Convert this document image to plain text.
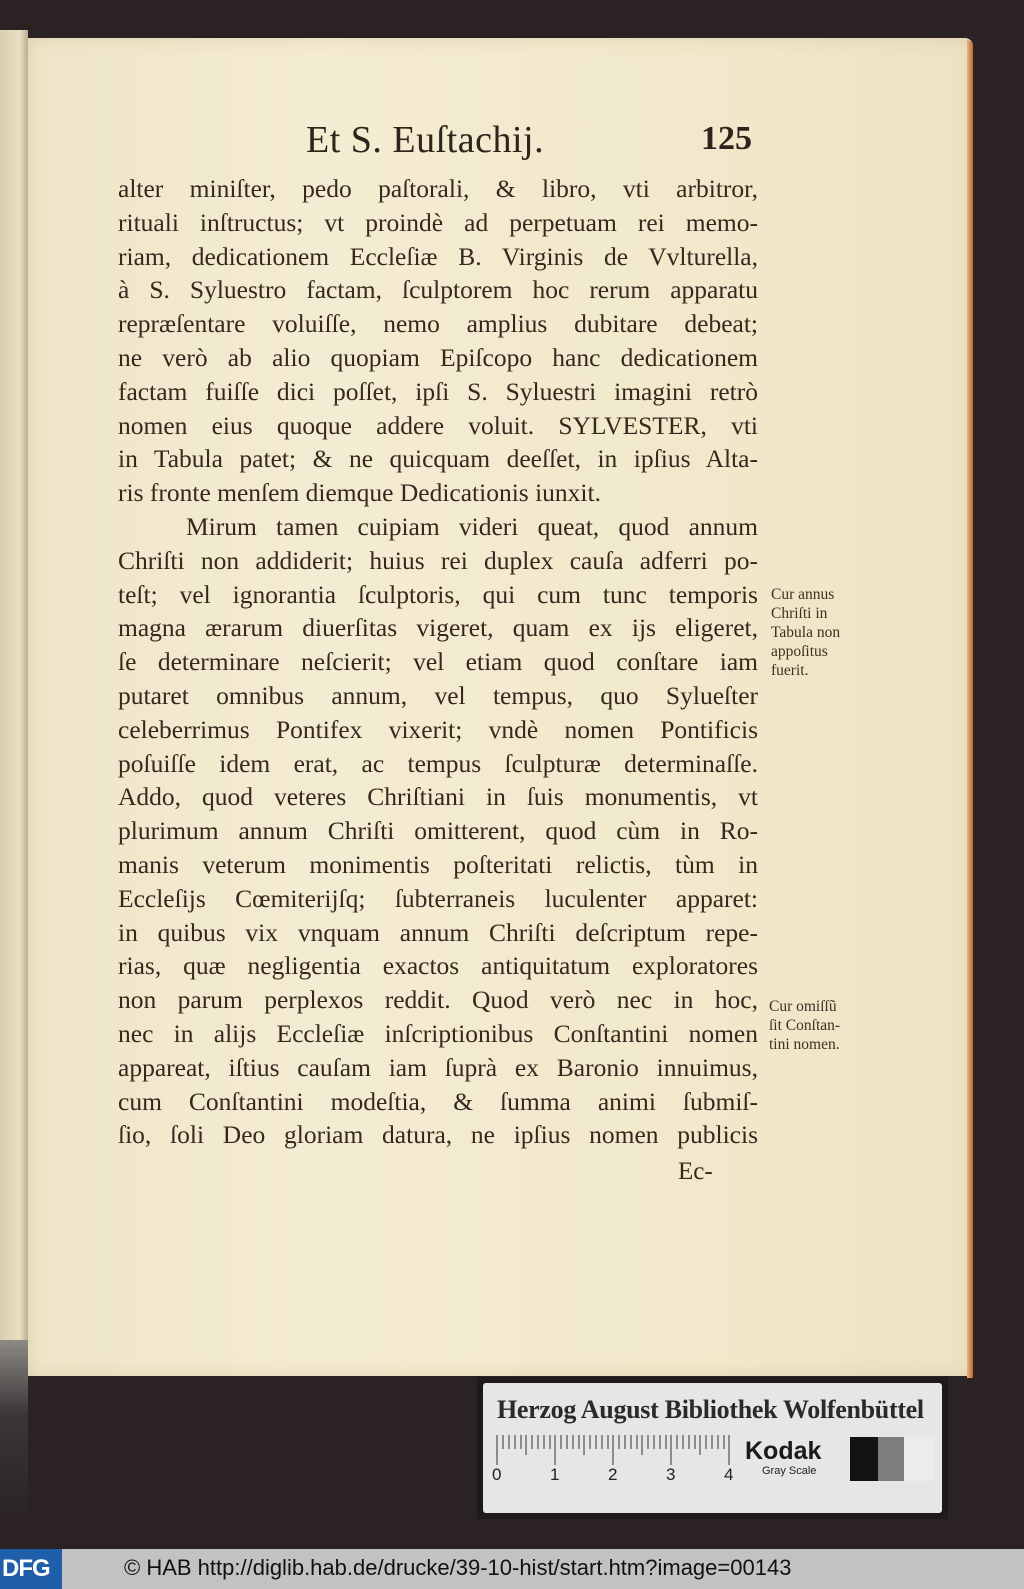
Et S. Euſtachij.	125
alter miniſter, pedo paſtorali, & libro, vti arbitror,
rituali inſtructus; vt proindè ad perpetuam rei memo-
riam, dedicationem Eccleſiæ B. Virginis de Vvlturella,
à S. Syluestro factam, ſculptorem hoc rerum apparatu
repræſentare voluiſſe, nemo amplius dubitare debeat;
ne verò ab alio quopiam Epiſcopo hanc dedicationem
factam fuiſſe dici poſſet, ipſi S. Syluestri imagini retrò
nomen eius quoque addere voluit. SYLVESTER, vti
in Tabula patet; & ne quicquam deeſſet, in ipſius Alta-
ris fronte menſem diemque Dedicationis iunxit.
Mirum tamen cuipiam videri queat, quod annum
Chriſti non addiderit; huius rei duplex cauſa adferri po-
teſt; vel ignorantia ſculptoris, qui cum tunc temporis
magna ærarum diuerſitas vigeret, quam ex ijs eligeret,
ſe determinare neſcierit; vel etiam quod conſtare iam
putaret omnibus annum, vel tempus, quo Sylueſter
celeberrimus Pontifex vixerit; vndè nomen Pontificis
poſuiſſe idem erat, ac tempus ſculpturæ determinaſſe.
Addo, quod veteres Chriſtiani in ſuis monumentis, vt
plurimum annum Chriſti omitterent, quod cùm in Ro-
manis veterum monimentis poſteritati relictis, tùm in
Eccleſijs Cœmiterijſq; ſubterraneis luculenter apparet:
in quibus vix vnquam annum Chriſti deſcriptum repe-
rias, quæ negligentia exactos antiquitatum exploratores
non parum perplexos reddit. Quod verò nec in hoc,
nec in alijs Eccleſiæ inſcriptionibus Conſtantini nomen
appareat, iſtius cauſam iam ſuprà ex Baronio innuimus,
cum Conſtantini modeſtia, & ſumma animi ſubmiſ-
ſio, ſoli Deo gloriam datura, ne ipſius nomen publicis
Ec-
Cur annus
Chriſti in
Tabula non
appoſitus
fuerit.
Cur omiſſũ
ſit Conſtan-
tini nomen.
Herzog August Bibliothek Wolfenbüttel
0	1	2	3	4
Kodak
Gray Scale
DFG	© HAB http://diglib.hab.de/drucke/39-10-hist/start.htm?image=00143
